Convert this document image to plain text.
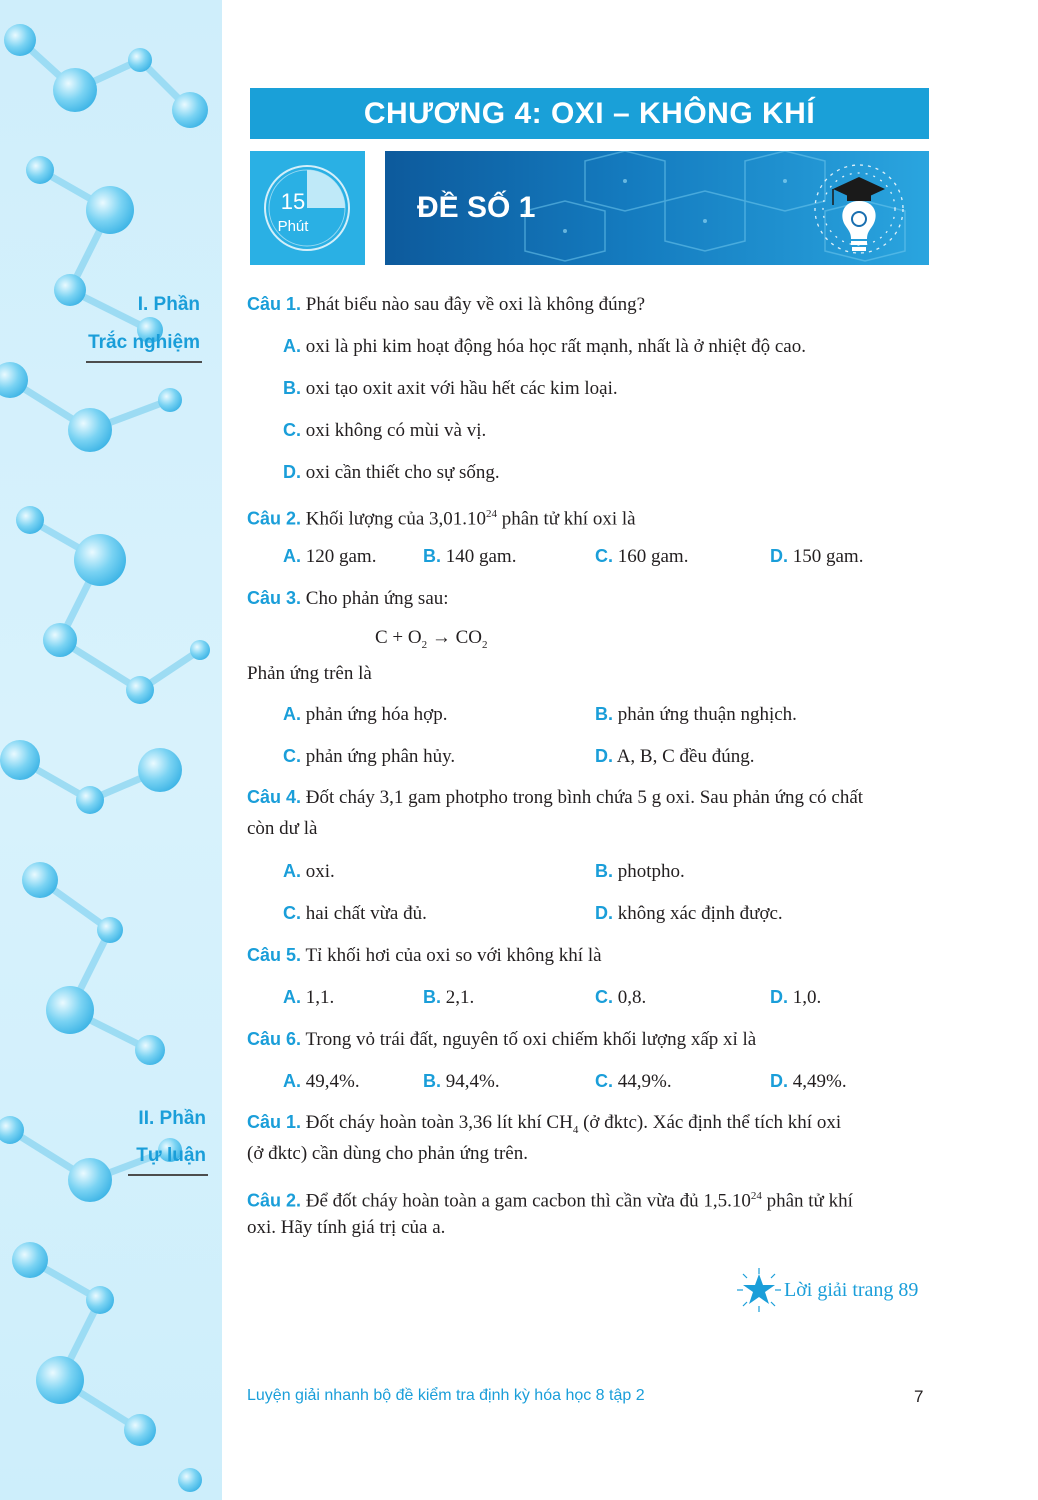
CHƯƠNG 4: OXI – KHÔNG KHÍ
15
Phút
ĐỀ SỐ 1
I. Phần
Trắc nghiệm
II. Phần
Tự luận
Câu 1. Phát biểu nào sau đây về oxi là không đúng?
A. oxi là phi kim hoạt động hóa học rất mạnh, nhất là ở nhiệt độ cao.
B. oxi tạo oxit axit với hầu hết các kim loại.
C. oxi không có mùi và vị.
D. oxi cần thiết cho sự sống.
Câu 2. Khối lượng của 3,01.10$^{24}$ phân tử khí oxi là
A. 120 gam.	B. 140 gam.	C. 160 gam.	D. 150 gam.
Câu 3. Cho phản ứng sau:
$C + O_2 \to CO_2$
Phản ứng trên là
A. phản ứng hóa hợp.	B. phản ứng thuận nghịch.
C. phản ứng phân hủy.	D. A, B, C đều đúng.
Câu 4. Đốt cháy 3,1 gam photpho trong bình chứa 5 g oxi. Sau phản ứng có chất
còn dư là
A. oxi.	B. photpho.
C. hai chất vừa đủ.	D. không xác định được.
Câu 5. Tỉ khối hơi của oxi so với không khí là
A. 1,1.	B. 2,1.	C. 0,8.	D. 1,0.
Câu 6. Trong vỏ trái đất, nguyên tố oxi chiếm khối lượng xấp xỉ là
A. 49,4%.	B. 94,4%.	C. 44,9%.	D. 4,49%.
Câu 1. Đốt cháy hoàn toàn 3,36 lít khí $CH_4$ (ở đktc). Xác định thể tích khí oxi
(ở đktc) cần dùng cho phản ứng trên.
Câu 2. Để đốt cháy hoàn toàn a gam cacbon thì cần vừa đủ 1,5.10$^{24}$ phân tử khí
oxi. Hãy tính giá trị của a.
Lời giải trang 89
Luyện giải nhanh bộ đề kiểm tra định kỳ hóa học 8 tập 2	7
